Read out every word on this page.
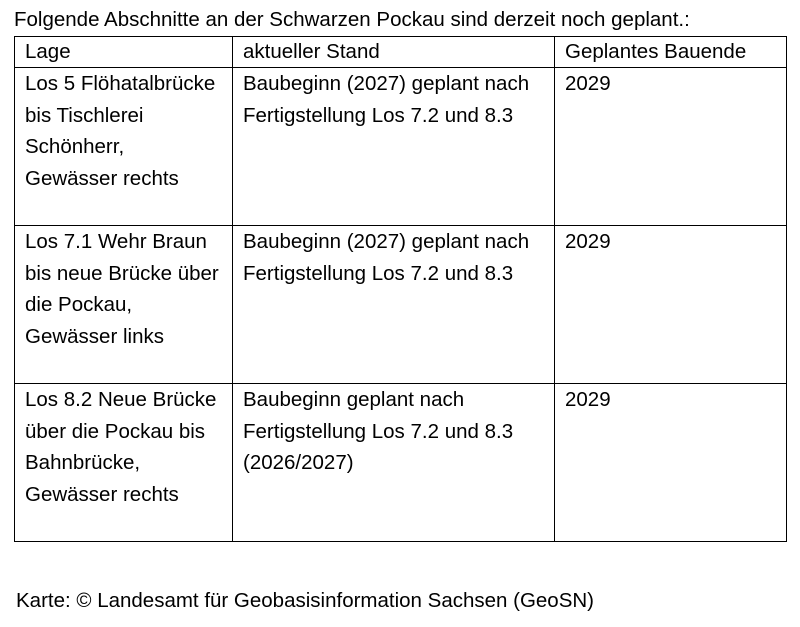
Folgende Abschnitte an der Schwarzen Pockau sind derzeit noch geplant.:
Lage	aktueller Stand	Geplantes Bauende
Los 5 Flöhatalbrücke bis Tischlerei Schönherr, Gewässer rechts	Baubeginn (2027) geplant nach Fertigstellung Los 7.2 und 8.3	2029
Los 7.1 Wehr Braun bis neue Brücke über die Pockau, Gewässer links	Baubeginn (2027) geplant nach Fertigstellung Los 7.2 und 8.3	2029
Los 8.2 Neue Brücke über die Pockau bis Bahnbrücke, Gewässer rechts	Baubeginn geplant nach Fertigstellung Los 7.2 und 8.3 (2026/2027)	2029
Karte: © Landesamt für Geobasisinformation Sachsen (GeoSN)
